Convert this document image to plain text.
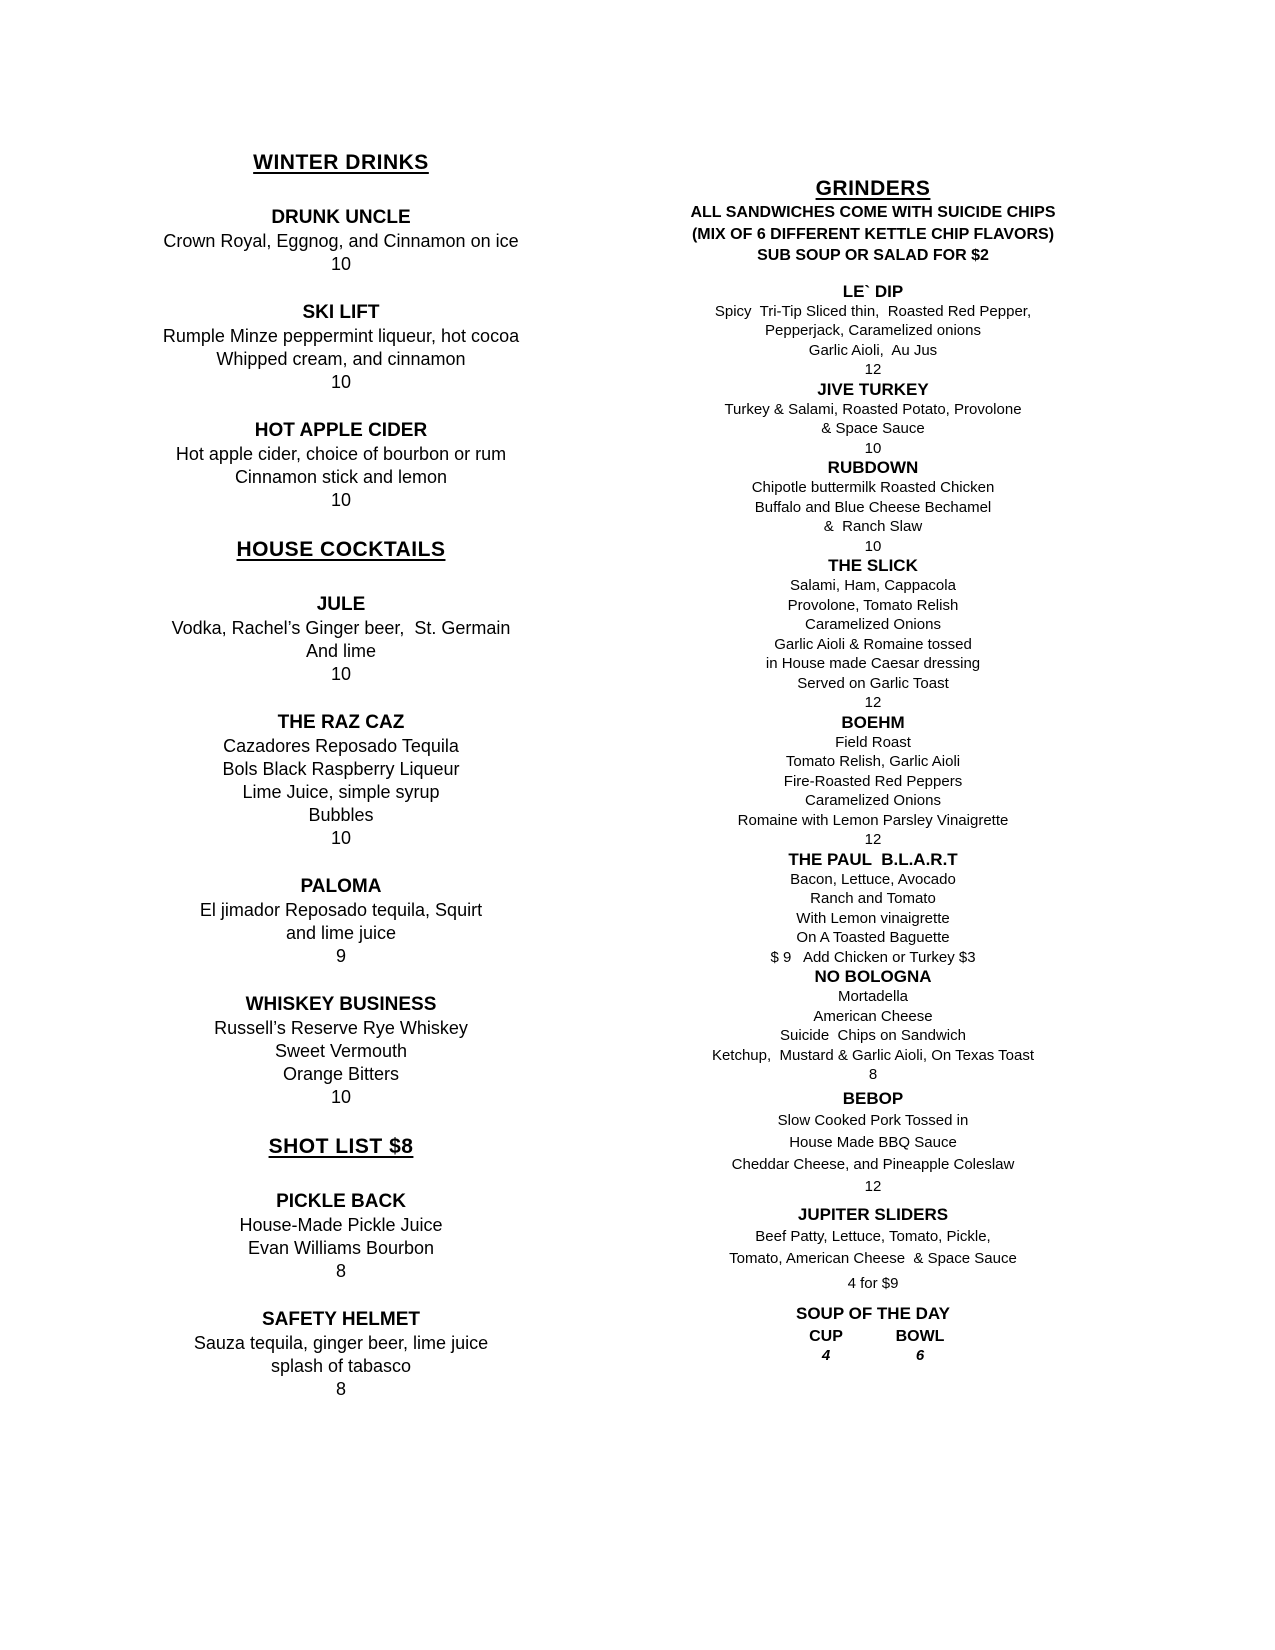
WINTER DRINKS
DRUNK UNCLE
Crown Royal, Eggnog, and Cinnamon on ice
10
SKI LIFT
Rumple Minze peppermint liqueur, hot cocoa
Whipped cream, and cinnamon
10
HOT APPLE CIDER
Hot apple cider, choice of bourbon or rum
Cinnamon stick and lemon
10
HOUSE COCKTAILS
JULE
Vodka, Rachel’s Ginger beer,  St. Germain
And lime
10
THE RAZ CAZ
Cazadores Reposado Tequila
Bols Black Raspberry Liqueur
Lime Juice, simple syrup
Bubbles
10
PALOMA
El jimador Reposado tequila, Squirt
and lime juice
9
WHISKEY BUSINESS
Russell’s Reserve Rye Whiskey
Sweet Vermouth
Orange Bitters
10
SHOT LIST $8
PICKLE BACK
House-Made Pickle Juice
Evan Williams Bourbon
8
SAFETY HELMET
Sauza tequila, ginger beer, lime juice
splash of tabasco
8
GRINDERS
ALL SANDWICHES COME WITH SUICIDE CHIPS
(MIX OF 6 DIFFERENT KETTLE CHIP FLAVORS)
SUB SOUP OR SALAD FOR $2
LE` DIP
Spicy  Tri-Tip Sliced thin,  Roasted Red Pepper,
Pepperjack, Caramelized onions
Garlic Aioli,  Au Jus
12
JIVE TURKEY
Turkey & Salami, Roasted Potato, Provolone
& Space Sauce
10
RUBDOWN
Chipotle buttermilk Roasted Chicken
Buffalo and Blue Cheese Bechamel
&  Ranch Slaw
10
THE SLICK
Salami, Ham, Cappacola
Provolone, Tomato Relish
Caramelized Onions
Garlic Aioli & Romaine tossed
in House made Caesar dressing
Served on Garlic Toast
12
BOEHM
Field Roast
Tomato Relish, Garlic Aioli
Fire-Roasted Red Peppers
Caramelized Onions
Romaine with Lemon Parsley Vinaigrette
12
THE PAUL  B.L.A.R.T
Bacon, Lettuce, Avocado
Ranch and Tomato
With Lemon vinaigrette
On A Toasted Baguette
$ 9   Add Chicken or Turkey $3
NO BOLOGNA
Mortadella
American Cheese
Suicide  Chips on Sandwich
Ketchup,  Mustard & Garlic Aioli, On Texas Toast
8
BEBOP
Slow Cooked Pork Tossed in
House Made BBQ Sauce
Cheddar Cheese, and Pineapple Coleslaw
12
JUPITER SLIDERS
Beef Patty, Lettuce, Tomato, Pickle,
Tomato, American Cheese  & Space Sauce
4 for $9
SOUP OF THE DAY
CUP
4
BOWL
6
